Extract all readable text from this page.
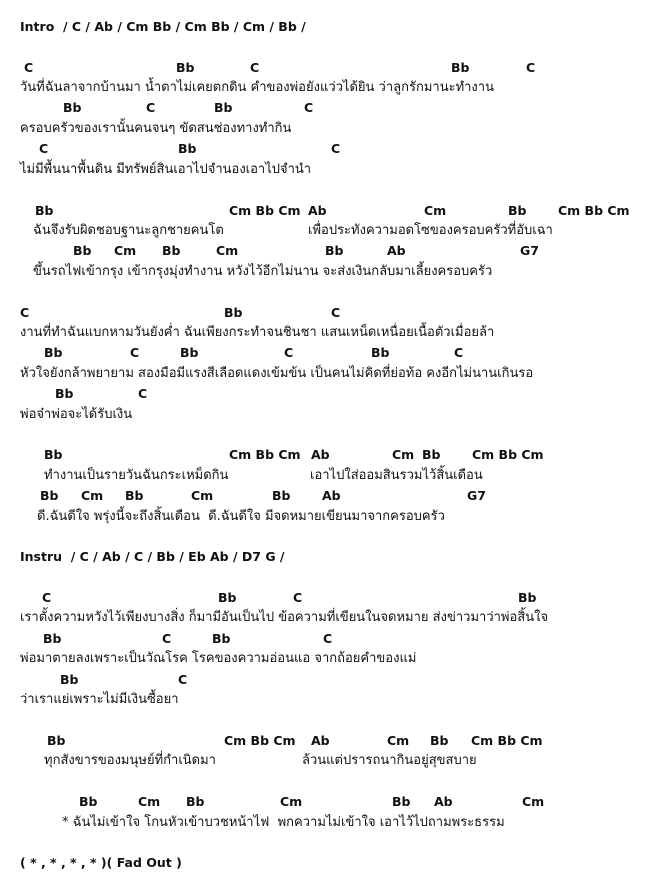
Intro  / C / Ab / Cm Bb / Cm Bb / Cm / Bb /
Instru  / C / Ab / C / Bb / Eb Ab / D7 G /
( * , * , * , * )( Fad Out )
C	Bb	C	Bb	C
วันที่ฉันลาจากบ้านมา น้ำตาไม่เคยตกดิน คำของพ่อยังแว่วได้ยิน ว่าลูกรักมานะทำงาน
Bb	C	Bb	C
ครอบครัวของเรานั้นคนจนๆ ขัดสนช่องทางทำกิน
C	Bb	C
ไม่มีพื้นนาพื้นดิน มีทรัพย์สินเอาไปจำนองเอาไปจำนำ
Bb	Cm Bb Cm Ab	Cm	Bb	Cm Bb Cm
ฉันจึงรับผิดชอบฐานะลูกชายคนโต	เพื่อประทังความอดโซของครอบครัวที่อับเฉา
Bb Cm Bb	Cm	Bb	Ab	G7
ขึ้นรถไฟเข้ากรุง เข้ากรุงมุ่งทำงาน หวังไว้อีกไม่นาน จะส่งเงินกลับมาเลี้ยงครอบครัว
C	Bb	C
งานที่ทำฉันแบกหามวันยังค่ำ ฉันเพียงกระทำจนชินชา แสนเหน็ดเหนื่อยเนื้อตัวเมื่อยล้า
Bb	C	Bb	C	Bb	C
หัวใจยังกล้าพยายาม สองมือมีแรงสีเลือดแดงเข้มข้น เป็นคนไม่คิดที่ย่อท้อ คงอีกไม่นานเกินรอ
Bb	C
พ่อจ๋าพ่อจะได้รับเงิน
Bb	Cm Bb Cm Ab	Cm Bb	Cm Bb Cm
ทำงานเป็นรายวันฉันกระเหม็ดกิน	เอาไปใส่ออมสินรวมไว้สิ้นเดือน
Bb Cm Bb	Cm	Bb	Ab	G7
ดี.ฉันดีใจ พรุ่งนี้จะถึงสิ้นเดือน  ดี.ฉันดีใจ มีจดหมายเขียนมาจากครอบครัว
C	Bb	C	Bb
เราตั้งความหวังไว้เพียงบางสิ่ง ก็มามีอันเป็นไป ข้อความที่เขียนในจดหมาย ส่งข่าวมาว่าพ่อสิ้นใจ
Bb	C	Bb	C
พ่อมาตายลงเพราะเป็นวัณโรค โรคของความอ่อนแอ จากถ้อยคำของแม่
Bb	C
ว่าเราแย่เพราะไม่มีเงินซื้อยา
Bb	Cm Bb Cm Ab	Cm Bb Cm Bb Cm
ทุกสังขารของมนุษย์ที่กำเนิดมา	ล้วนแต่ปรารถนากินอยู่สุขสบาย
Bb	Cm Bb	Cm	Bb Ab	Cm
* ฉันไม่เข้าใจ โกนหัวเข้าบวชหน้าไฟ  พกความไม่เข้าใจ เอาไว้ไปถามพระธรรม
